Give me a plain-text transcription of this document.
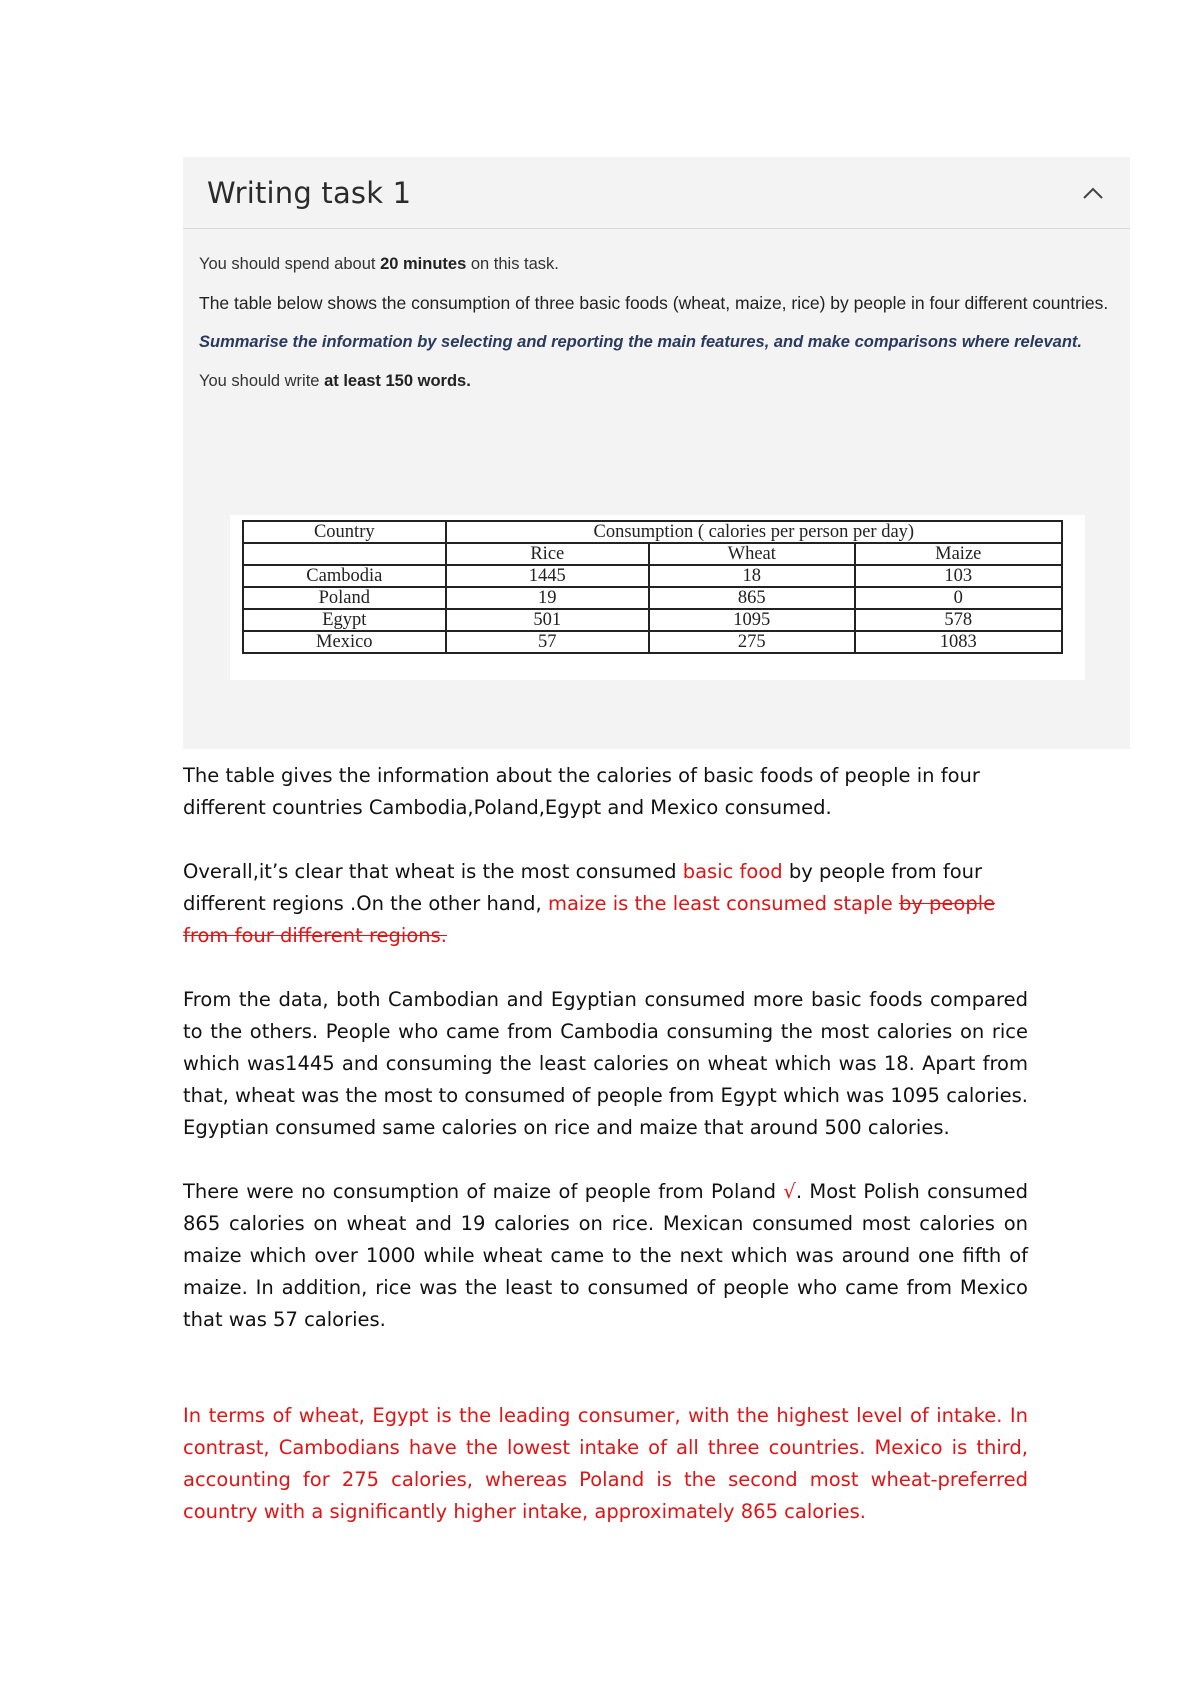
Writing task 1

You should spend about 20 minutes on this task.

The table below shows the consumption of three basic foods (wheat, maize, rice) by people in four different countries.

Summarise the information by selecting and reporting the main features, and make comparisons where relevant.

You should write at least 150 words.

Country	Consumption ( calories per person per day)		
	Rice	Wheat	Maize
Cambodia	1445	18	103
Poland	19	865	0
Egypt	501	1095	578
Mexico	57	275	1083

The table gives the information about the calories of basic foods of people in four different countries Cambodia,Poland,Egypt and Mexico consumed.

Overall,it’s clear that wheat is the most consumed basic food by people from four different regions .On the other hand, maize is the least consumed staple by people from four different regions.

From the data, both Cambodian and Egyptian consumed more basic foods compared to the others. People who came from Cambodia consuming the most calories on rice which was1445 and consuming the least calories on wheat which was 18. Apart from that, wheat was the most to consumed of people from Egypt which was 1095 calories. Egyptian consumed same calories on rice and maize that around 500 calories.

There were no consumption of maize of people from Poland √. Most Polish consumed 865 calories on wheat and 19 calories on rice. Mexican consumed most calories on maize which over 1000 while wheat came to the next which was around one fifth of maize. In addition, rice was the least to consumed of people who came from Mexico that was 57 calories.

In terms of wheat, Egypt is the leading consumer, with the highest level of intake. In contrast, Cambodians have the lowest intake of all three countries. Mexico is third, accounting for 275 calories, whereas Poland is the second most wheat-preferred country with a significantly higher intake, approximately 865 calories.
